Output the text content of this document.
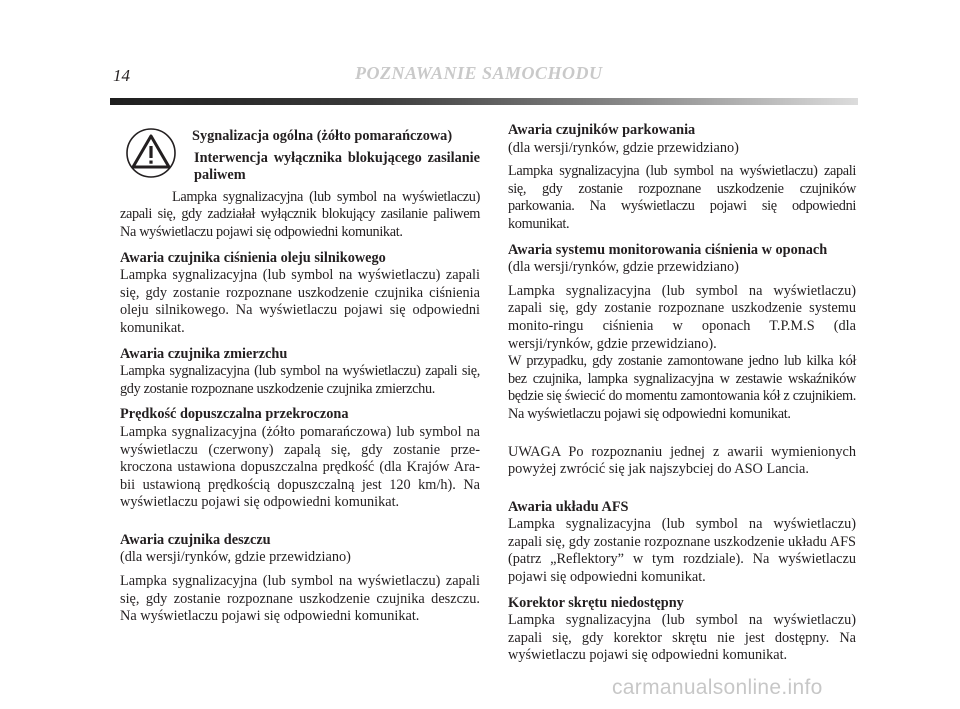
14	POZNAWANIE SAMOCHODU
Sygnalizacja ogólna (żółto pomarańczowa)
Interwencja wyłącznika blokującego zasilanie paliwem

Lampka sygnalizacyjna (lub symbol na wyświetlaczu) zapali się, gdy zadziałał wyłącznik blokujący zasilanie paliwem Na wyświetlaczu pojawi się odpowiedni komunikat.

Awaria czujnika ciśnienia oleju silnikowego

Lampka sygnalizacyjna (lub symbol na wyświetlaczu) zapali się, gdy zostanie rozpoznane uszkodzenie czujnika ciśnienia oleju silnikowego. Na wyświetlaczu pojawi się odpowiedni komunikat.

Awaria czujnika zmierzchu

Lampka sygnalizacyjna (lub symbol na wyświetlaczu) zapali się, gdy zostanie rozpoznane uszkodzenie czujnika zmierzchu.

Prędkość dopuszczalna przekroczona

Lampka sygnalizacyjna (żółto pomarańczowa) lub symbol na wyświetlaczu (czerwony) zapalą się, gdy zostanie prze-kroczona ustawiona dopuszczalna prędkość (dla Krajów Ara-bii ustawioną prędkością dopuszczalną jest 120 km/h). Na wyświetlaczu pojawi się odpowiedni komunikat.

Awaria czujnika deszczu
(dla wersji/rynków, gdzie przewidziano)

Lampka sygnalizacyjna (lub symbol na wyświetlaczu) zapali się, gdy zostanie rozpoznane uszkodzenie czujnika deszczu. Na wyświetlaczu pojawi się odpowiedni komunikat.

Awaria czujników parkowania
(dla wersji/rynków, gdzie przewidziano)

Lampka sygnalizacyjna (lub symbol na wyświetlaczu) zapali się, gdy zostanie rozpoznane uszkodzenie czujników parkowania. Na wyświetlaczu pojawi się odpowiedni komunikat.

Awaria systemu monitorowania ciśnienia w oponach
(dla wersji/rynków, gdzie przewidziano)

Lampka sygnalizacyjna (lub symbol na wyświetlaczu) zapali się, gdy zostanie rozpoznane uszkodzenie systemu monito-ringu ciśnienia w oponach T.P.M.S (dla wersji/rynków, gdzie przewidziano).

W przypadku, gdy zostanie zamontowane jedno lub kilka kół bez czujnika, lampka sygnalizacyjna w zestawie wskaźników będzie się świecić do momentu zamontowania kół z czujnikiem. Na wyświetlaczu pojawi się odpowiedni komunikat.

UWAGA Po rozpoznaniu jednej z awarii wymienionych powyżej zwrócić się jak najszybciej do ASO Lancia.

Awaria układu AFS

Lampka sygnalizacyjna (lub symbol na wyświetlaczu) zapali się, gdy zostanie rozpoznane uszkodzenie układu AFS (patrz „Reflektory” w tym rozdziale). Na wyświetlaczu pojawi się odpowiedni komunikat.

Korektor skrętu niedostępny

Lampka sygnalizacyjna (lub symbol na wyświetlaczu) zapali się, gdy korektor skrętu nie jest dostępny. Na wyświetlaczu pojawi się odpowiedni komunikat.

carmanualsonline.info
